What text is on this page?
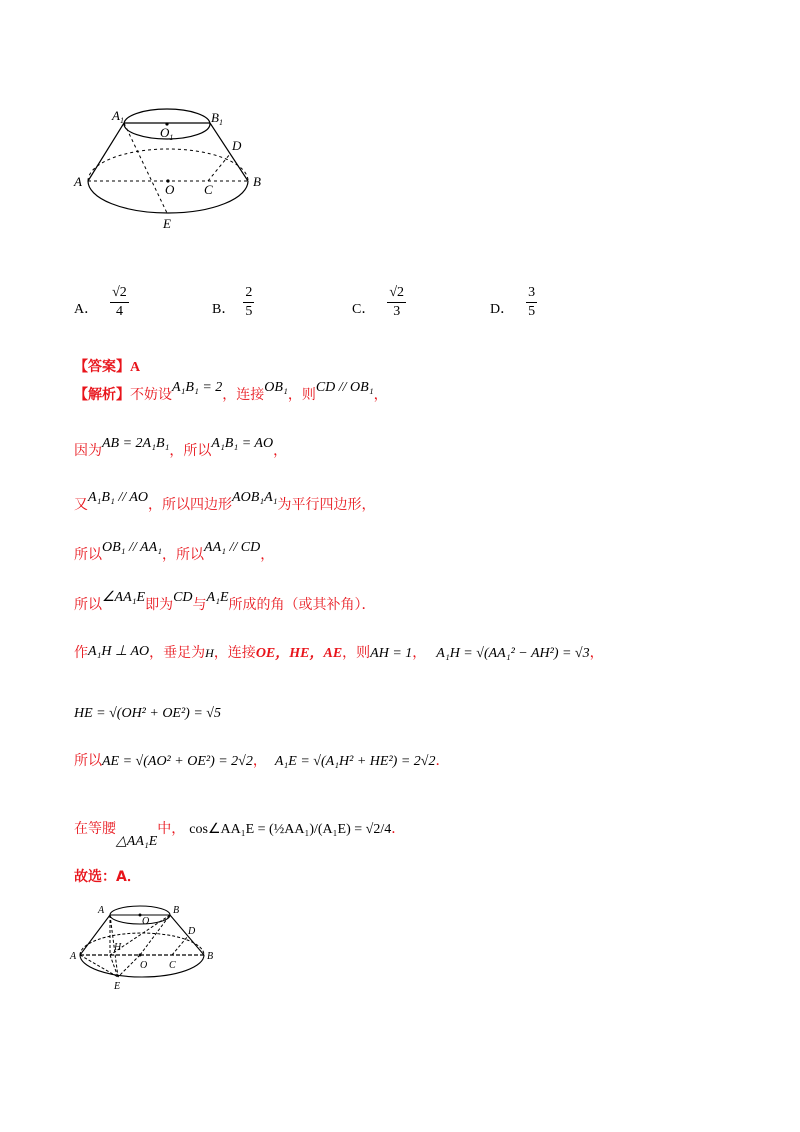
$A_1$	$B_1$
$O_1$
D
A
O C
B
E
A． $\frac{√2}{4}$	B． $\frac{2}{5}$	C． $\frac{√2}{3}$	D． $\frac{3}{5}$
【答案】A
【解析】不妨设A₁B₁ = 2，连接OB₁，则CD // OB₁，
因为AB = 2A₁B₁，所以A₁B₁ = AO，
又A₁B₁ // AO，所以四边形AOB₁A₁为平行四边形，
所以OB₁ // AA₁，所以AA₁ // CD，
所以∠AA₁E即为CD与A₁E所成的角（或其补角）．
作A₁H ⊥ AO，垂足为H，连接OE，HE，AE，则AH = 1， A₁H = √(AA₁² − AH²) = √3，
HE = √(OH² + OE²) = √5
所以AE = √(AO² + OE²) = 2√2， A₁E = √(A₁H² + HE²) = 2√2．
在等腰△AA₁E中， cos∠AA₁E = (½AA₁)/(A₁E) = √2/4．
故选：A．
A	B
O
D
H
A
O C
B
E
